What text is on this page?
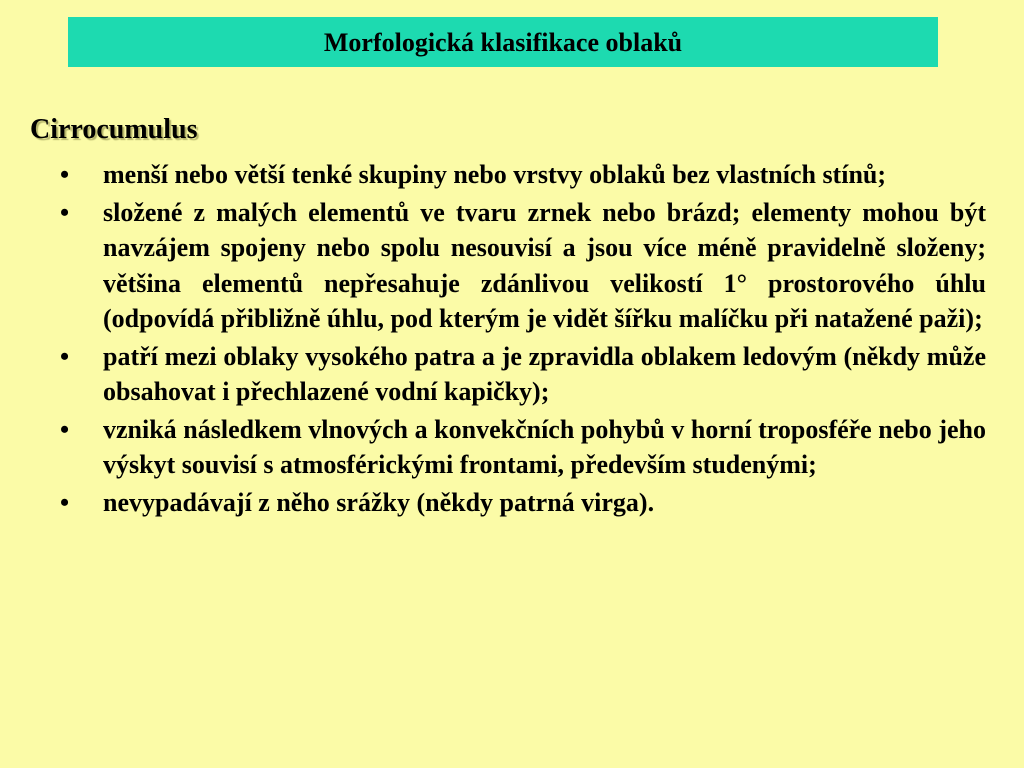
Morfologická klasifikace oblaků
Cirrocumulus
•	menší nebo větší tenké skupiny nebo vrstvy oblaků bez vlastních stínů;
•	složené z malých elementů ve tvaru zrnek nebo brázd; elementy mohou být navzájem spojeny nebo spolu nesouvisí a jsou více méně pravidelně složeny; většina elementů nepřesahuje zdánlivou velikostí 1° prostorového úhlu (odpovídá přibližně úhlu, pod kterým je vidět šířku malíčku při natažené paži);
•	patří mezi oblaky vysokého patra a je zpravidla oblakem ledovým (někdy může obsahovat i přechlazené vodní kapičky);
•	vzniká následkem vlnových a konvekčních pohybů v horní troposféře nebo jeho výskyt souvisí s atmosférickými frontami, především studenými;
•	nevypadávají z něho srážky (někdy patrná virga).
